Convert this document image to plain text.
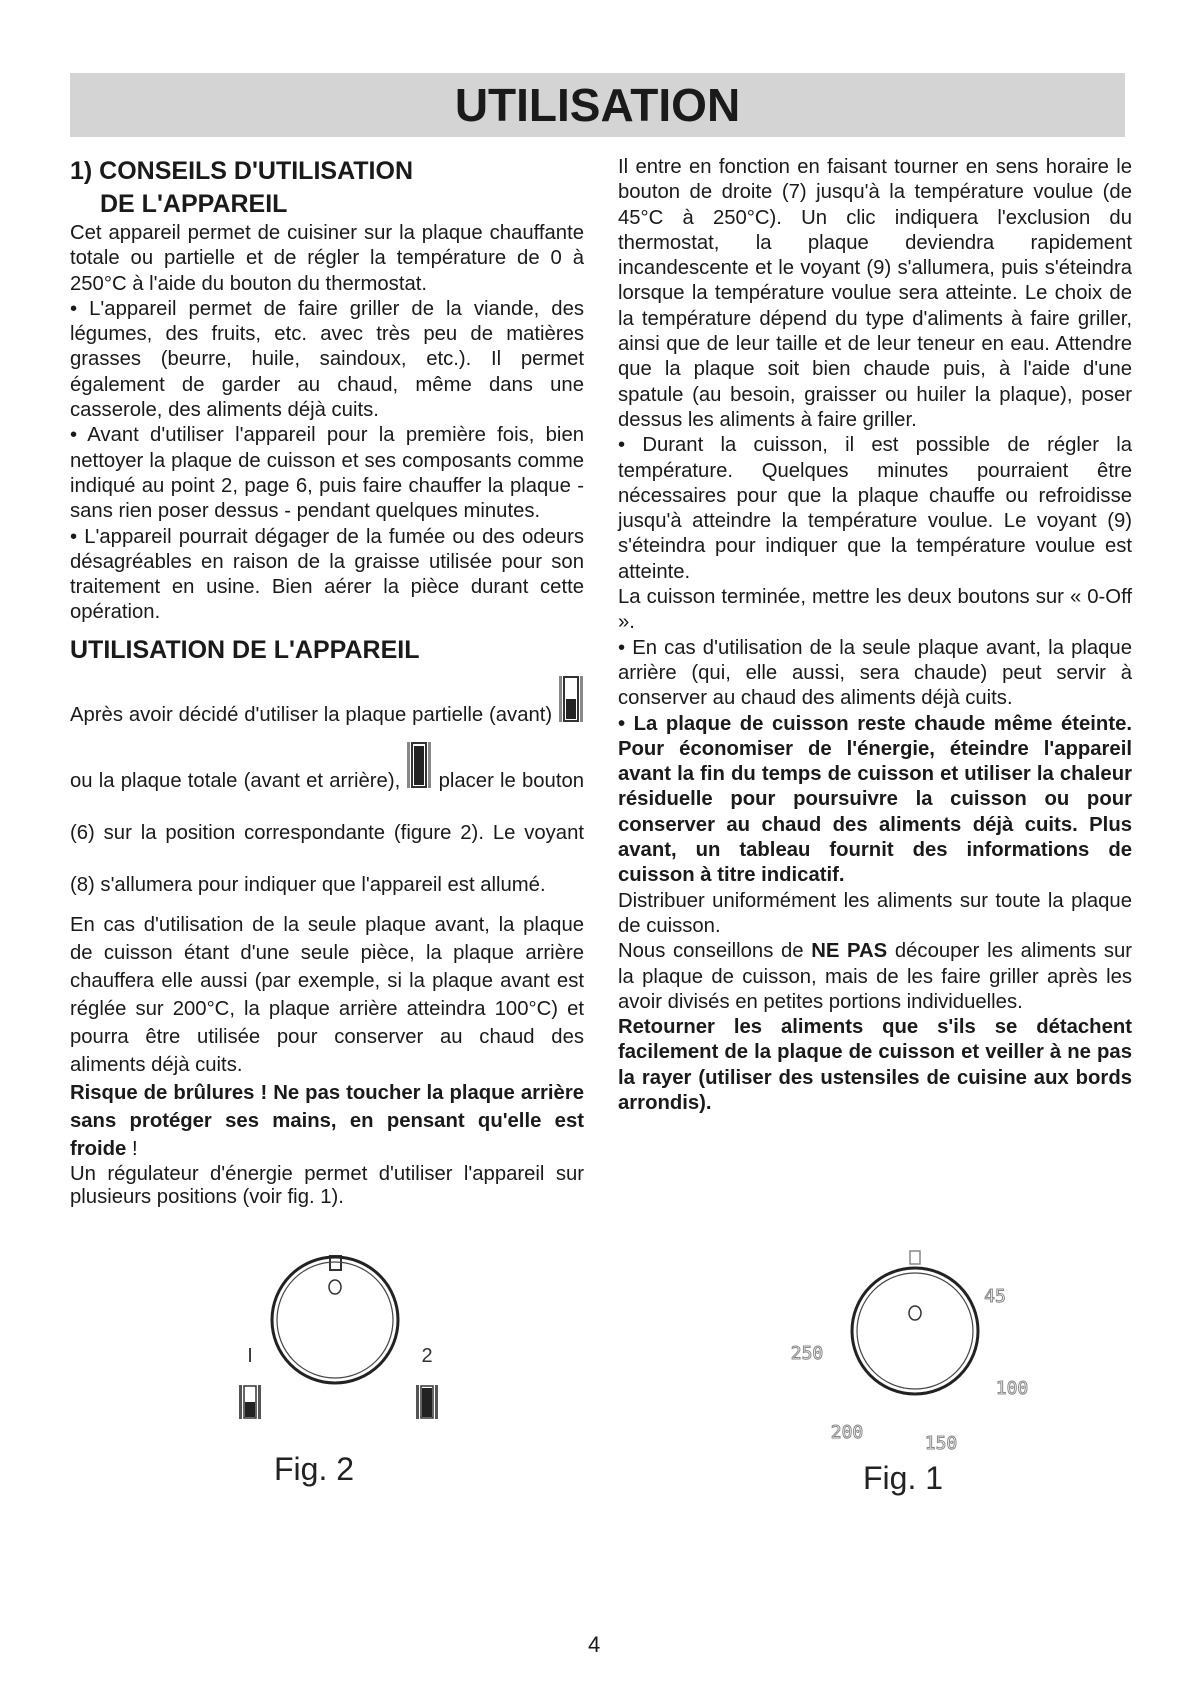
UTILISATION
1) CONSEILS D'UTILISATION
DE L'APPAREIL

Cet appareil permet de cuisiner sur la plaque chauffante totale ou partielle et de régler la température de 0 à 250°C à l'aide du bouton du thermostat.

• L'appareil permet de faire griller de la viande, des légumes, des fruits, etc. avec très peu de matières grasses (beurre, huile, saindoux, etc.). Il permet également de garder au chaud, même dans une casserole, des aliments déjà cuits.

• Avant d'utiliser l'appareil pour la première fois, bien nettoyer la plaque de cuisson et ses composants comme indiqué au point 2, page 6, puis faire chauffer la plaque - sans rien poser dessus - pendant quelques minutes.

• L'appareil pourrait dégager de la fumée ou des odeurs désagréables en raison de la graisse utilisée pour son traitement en usine. Bien aérer la pièce durant cette opération.

UTILISATION DE L'APPAREIL

Après avoir décidé d'utiliser la plaque partielle (avant)  ou la plaque totale (avant et arrière), placer le bouton (6) sur la position correspondante (figure 2). Le voyant (8) s'allumera pour indiquer que l'appareil est allumé.

En cas d'utilisation de la seule plaque avant, la plaque de cuisson étant d'une seule pièce, la plaque arrière chauffera elle aussi (par exemple, si la plaque avant est réglée sur 200°C, la plaque arrière atteindra 100°C) et pourra être utilisée pour conserver au chaud des aliments déjà cuits.

Risque de brûlures ! Ne pas toucher la plaque arrière sans protéger ses mains, en pensant qu'elle est froide !

Un régulateur d'énergie permet d'utiliser l'appareil sur plusieurs positions (voir fig. 1).

Il entre en fonction en faisant tourner en sens horaire le bouton de droite (7) jusqu'à la température voulue (de 45°C à 250°C). Un clic indiquera l'exclusion du thermostat, la plaque deviendra rapidement incandescente et le voyant (9) s'allumera, puis s'éteindra lorsque la température voulue sera atteinte. Le choix de la température dépend du type d'aliments à faire griller, ainsi que de leur taille et de leur teneur en eau. Attendre que la plaque soit bien chaude puis, à l'aide d'une spatule (au besoin, graisser ou huiler la plaque), poser dessus les aliments à faire griller.

• Durant la cuisson, il est possible de régler la température. Quelques minutes pourraient être nécessaires pour que la plaque chauffe ou refroidisse jusqu'à atteindre la température voulue. Le voyant (9) s'éteindra pour indiquer que la température voulue est atteinte.

La cuisson terminée, mettre les deux boutons sur « 0-Off ».

• En cas d'utilisation de la seule plaque avant, la plaque arrière (qui, elle aussi, sera chaude) peut servir à conserver au chaud des aliments déjà cuits.

• La plaque de cuisson reste chaude même éteinte. Pour économiser de l'énergie, éteindre l'appareil avant la fin du temps de cuisson et utiliser la chaleur résiduelle pour poursuivre la cuisson ou pour conserver au chaud des aliments déjà cuits. Plus avant, un tableau fournit des informations de cuisson à titre indicatif.

Distribuer uniformément les aliments sur toute la plaque de cuisson.

Nous conseillons de NE PAS découper les aliments sur la plaque de cuisson, mais de les faire griller après les avoir divisés en petites portions individuelles.

Retourner les aliments que s'ils se détachent facilement de la plaque de cuisson et veiller à ne pas la rayer (utiliser des ustensiles de cuisine aux bords arrondis).

I	2
Fig. 2
45
100
150
200
250
Fig. 1
4
